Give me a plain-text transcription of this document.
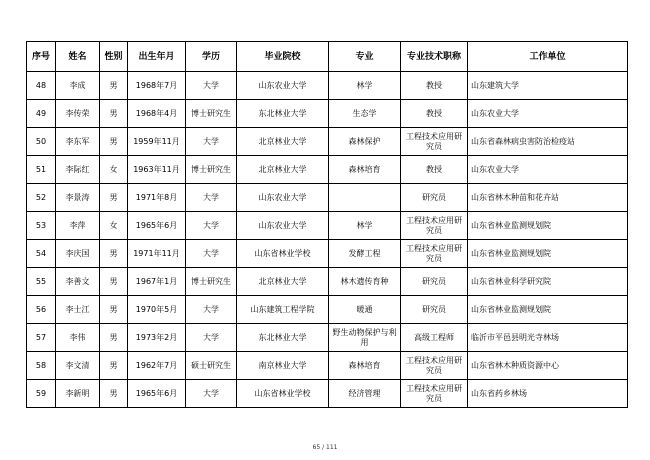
序号	姓名	性别	出生年月	学历	毕业院校	专业	专业技术职称	工作单位
48	李成	男	1968年7月	大学	山东农业大学	林学	教授	山东建筑大学
49	李传荣	男	1968年4月	博士研究生	东北林业大学	生态学	教授	山东农业大学
50	李东军	男	1959年11月	大学	北京林业大学	森林保护	工程技术应用研究员	山东省森林病虫害防治检疫站
51	李际红	女	1963年11月	博士研究生	北京林业大学	森林培育	教授	山东农业大学
52	李景涛	男	1971年8月	大学	山东农业大学		研究员	山东省林木种苗和花卉站
53	李萍	女	1965年6月	大学	山东农业大学	林学	工程技术应用研究员	山东省林业监测规划院
54	李庆国	男	1971年11月	大学	山东省林业学校	发酵工程	工程技术应用研究员	山东省林业监测规划院
55	李善文	男	1967年1月	博士研究生	北京林业大学	林木遗传育种	研究员	山东省林业科学研究院
56	李士江	男	1970年5月	大学	山东建筑工程学院	暖通	研究员	山东省林业监测规划院
57	李伟	男	1973年2月	大学	东北林业大学	野生动物保护与利用	高级工程师	临沂市平邑县明光寺林场
58	李文清	男	1962年7月	硕士研究生	南京林业大学	森林培育	工程技术应用研究员	山东省林木种质资源中心
59	李新明	男	1965年6月	大学	山东省林业学校	经济管理	工程技术应用研究员	山东省药乡林场
65 / 111
